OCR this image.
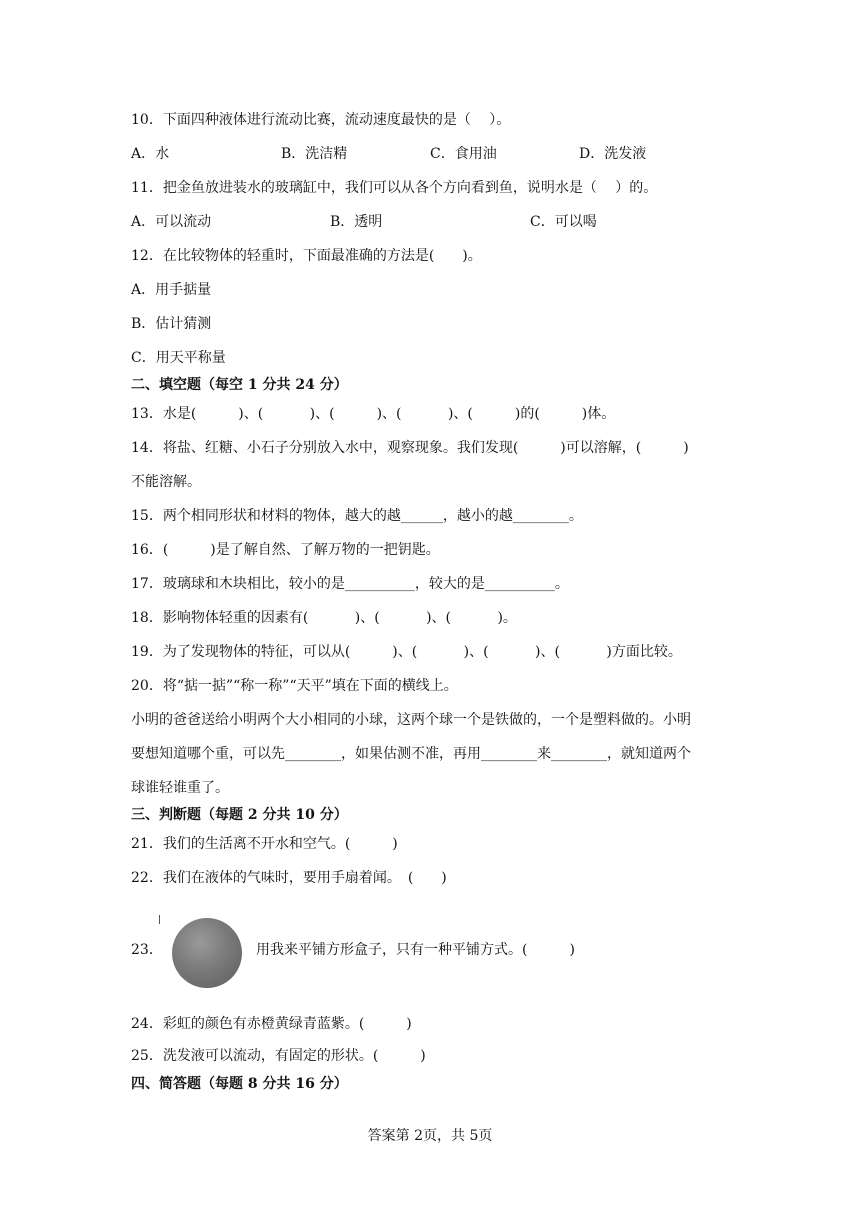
10．下面四种液体进行流动比赛，流动速度最快的是（　 ）。
A．水	B．洗洁精	C．食用油	D．洗发液
11．把金鱼放进装水的玻璃缸中，我们可以从各个方向看到鱼，说明水是（　 ）的。
A．可以流动	B．透明	C．可以喝
12．在比较物体的轻重时，下面最准确的方法是(　　)。
A．用手掂量
B．估计猜测
C．用天平称量
二、填空题（每空 1 分共 24 分）
13．水是(　　　)、(　　　 )、(　　　)、(　　　 )、(　　　)的(　　　)体。
14．将盐、红糖、小石子分别放入水中，观察现象。我们发现(　　　)可以溶解，(　　　)
不能溶解。
15．两个相同形状和材料的物体，越大的越______，越小的越________。
16．(　　　)是了解自然、了解万物的一把钥匙。
17．玻璃球和木块相比，较小的是__________，较大的是__________。
18．影响物体轻重的因素有(　　　 )、(　　　 )、(　　　 )。
19．为了发现物体的特征，可以从(　　　)、(　　　 )、(　　　 )、(　　　 )方面比较。
20．将“掂一掂”“称一称”“天平”填在下面的横线上。
小明的爸爸送给小明两个大小相同的小球，这两个球一个是铁做的，一个是塑料做的。小明
要想知道哪个重，可以先________，如果估测不准，再用________来________，就知道两个
球谁轻谁重了。
三、判断题（每题 2 分共 10 分）
21．我们的生活离不开水和空气。(　　　)
22．我们在液体的气味时，要用手扇着闻。　(　　)
23．	用我来平铺方形盒子，只有一种平铺方式。(　　　)
24．彩虹的颜色有赤橙黄绿青蓝紫。(　　　)
25．洗发液可以流动，有固定的形状。(　　　)
四、简答题（每题 8 分共 16 分）
答案第 2页，共 5页
